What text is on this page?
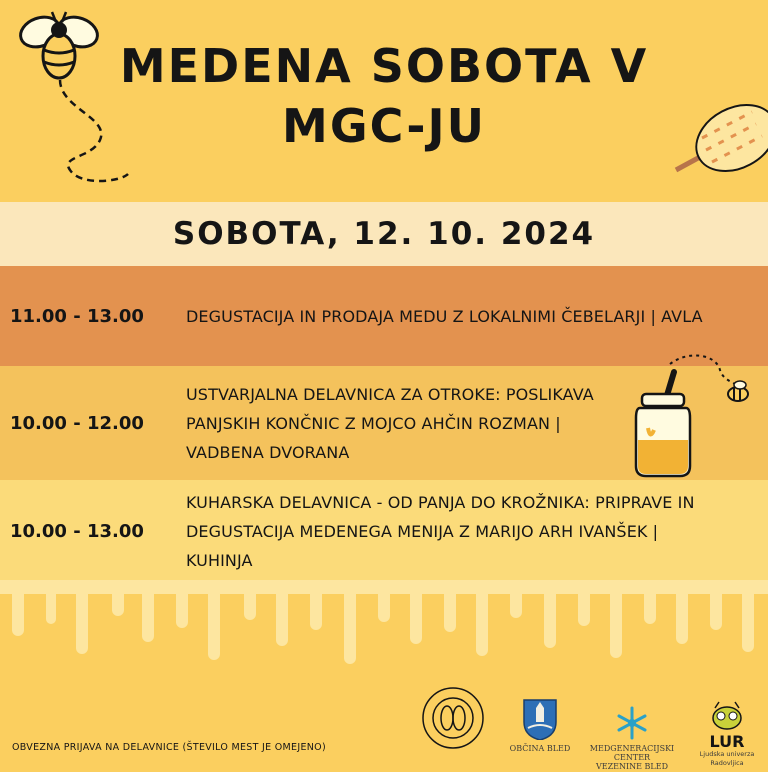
MEDENA SOBOTA V
MGC-JU
SOBOTA, 12. 10. 2024
11.00 - 13.00	DEGUSTACIJA IN PRODAJA MEDU Z LOKALNIMI ČEBELARJI | AVLA
10.00 - 12.00
USTVARJALNA DELAVNICA ZA OTROKE: POSLIKAVA
PANJSKIH KONČNIC Z MOJCO AHČIN ROZMAN |
VADBENA DVORANA
10.00 - 13.00
KUHARSKA DELAVNICA - OD PANJA DO KROŽNIKA: PRIPRAVE IN
DEGUSTACIJA MEDENEGA MENIJA Z MARIJO ARH IVANŠEK |
KUHINJA
OBČINA BLED	MEDGENERACIJSKI CENTER
VEZENINE BLED
LUR
Ljudska univerza Radovljica
OBVEZNA PRIJAVA NA DELAVNICE (ŠTEVILO MEST JE OMEJENO)
